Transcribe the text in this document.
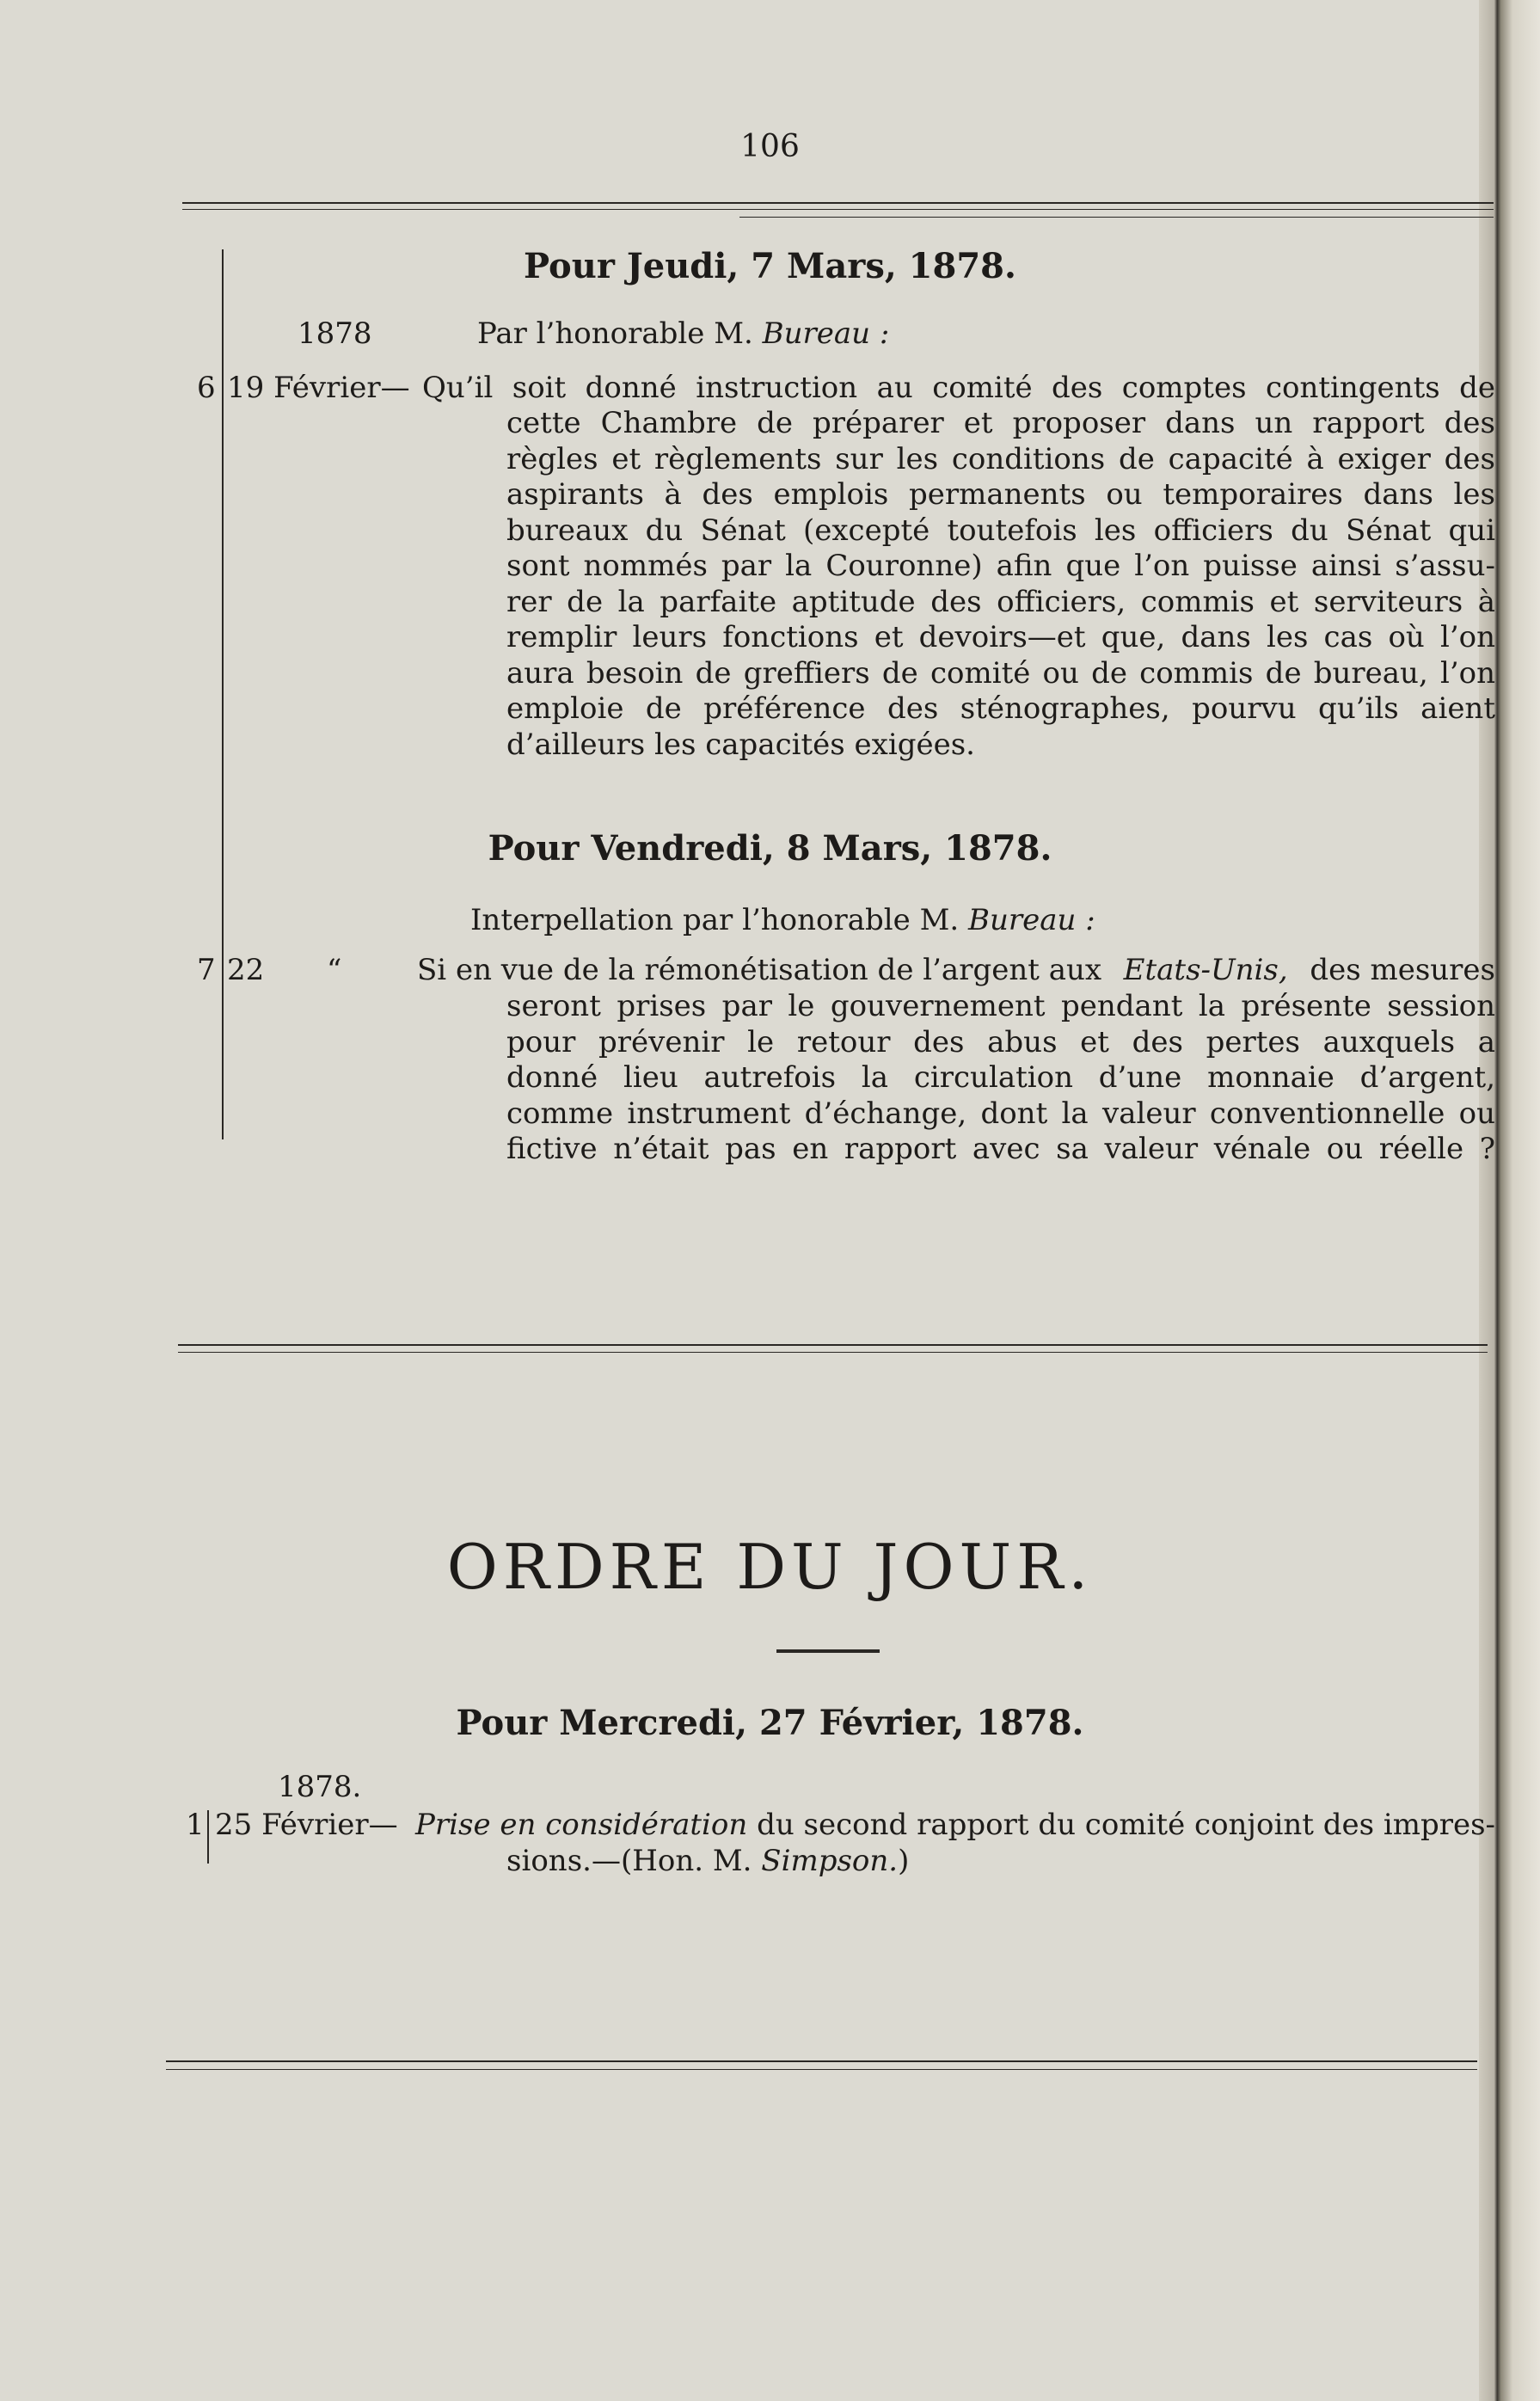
106
Pour Jeudi, 7 Mars, 1878.
1878	Par l’honorable M. Bureau :
6 19 Février— Qu’il soit donné instruction au comité des comptes contingents de
cette Chambre de préparer et proposer dans un rapport des
règles et règlements sur les conditions de capacité à exiger des
aspirants à des emplois permanents ou temporaires dans les
bureaux du Sénat (excepté toutefois les officiers du Sénat qui
sont nommés par la Couronne) afin que l’on puisse ainsi s’assu-
rer de la parfaite aptitude des officiers, commis et serviteurs à
remplir leurs fonctions et devoirs—et que, dans les cas où l’on
aura besoin de greffiers de comité ou de commis de bureau, l’on
emploie de préférence des sténographes, pourvu qu’ils aient
d’ailleurs les capacités exigées.
Pour Vendredi, 8 Mars, 1878.
Interpellation par l’honorable M. Bureau :
7 22 “	Si en vue de la rémonétisation de l’argent aux Etats-Unis, des mesures
seront prises par le gouvernement pendant la présente session
pour prévenir le retour des abus et des pertes auxquels a
donné lieu autrefois la circulation d’une monnaie d’argent,
comme instrument d’échange, dont la valeur conventionnelle ou
fictive n’était pas en rapport avec sa valeur vénale ou réelle ?
ORDRE DU JOUR.
Pour Mercredi, 27 Février, 1878.
1878.
1 25 Février— Prise en considération du second rapport du comité conjoint des impres-
sions.—(Hon. M. Simpson.)
